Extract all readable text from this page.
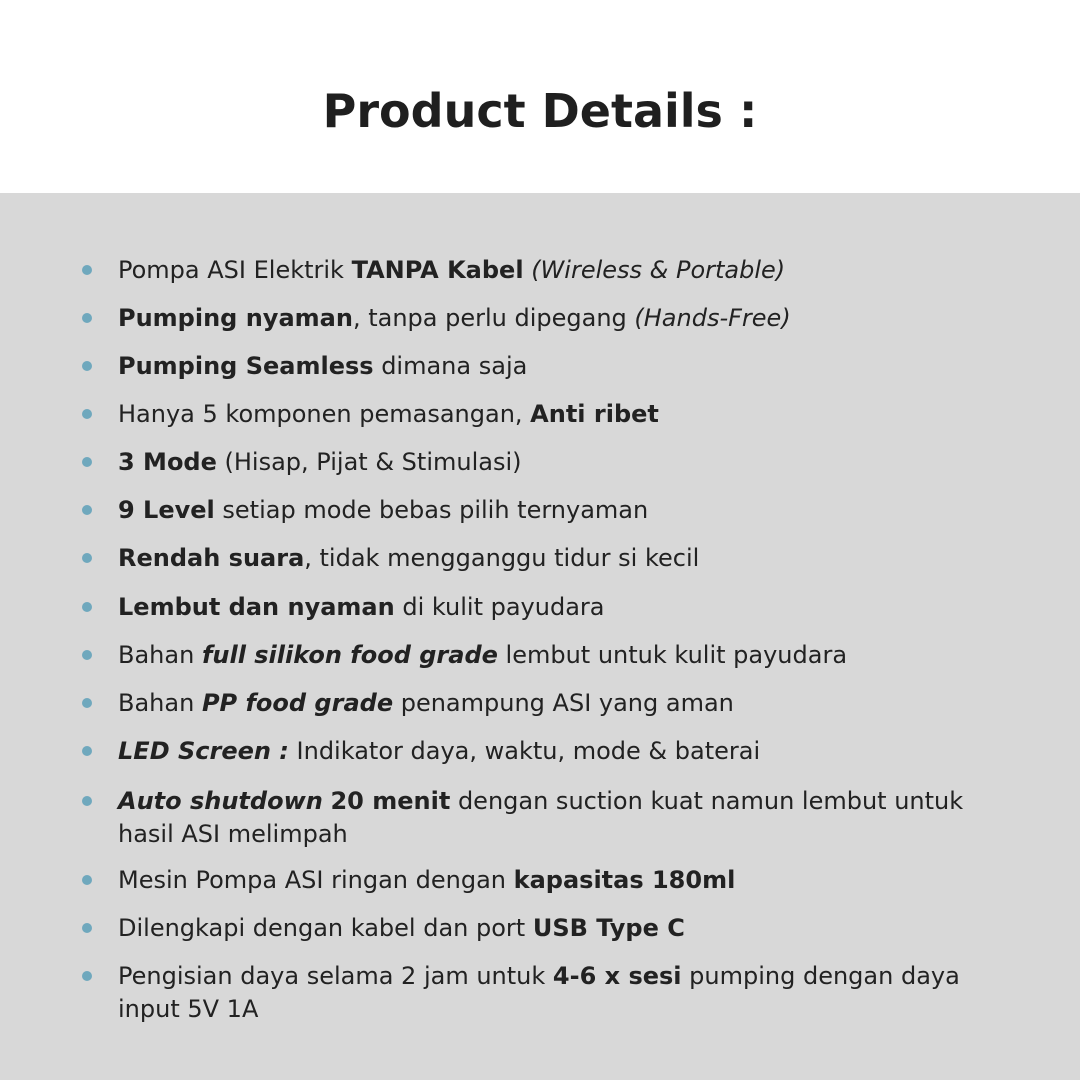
Product Details :
Pompa ASI Elektrik TANPA Kabel (Wireless & Portable)
Pumping nyaman, tanpa perlu dipegang (Hands-Free)
Pumping Seamless dimana saja
Hanya 5 komponen pemasangan, Anti ribet
3 Mode (Hisap, Pijat & Stimulasi)
9 Level setiap mode bebas pilih ternyaman
Rendah suara, tidak mengganggu tidur si kecil
Lembut dan nyaman di kulit payudara
Bahan full silikon food grade lembut untuk kulit payudara
Bahan PP food grade penampung ASI yang aman
LED Screen : Indikator daya, waktu, mode & baterai
Auto shutdown 20 menit dengan suction kuat namun lembut untuk hasil ASI melimpah
Mesin Pompa ASI ringan dengan kapasitas 180ml
Dilengkapi dengan kabel dan port USB Type C
Pengisian daya selama 2 jam untuk 4-6 x sesi pumping dengan daya input 5V 1A
